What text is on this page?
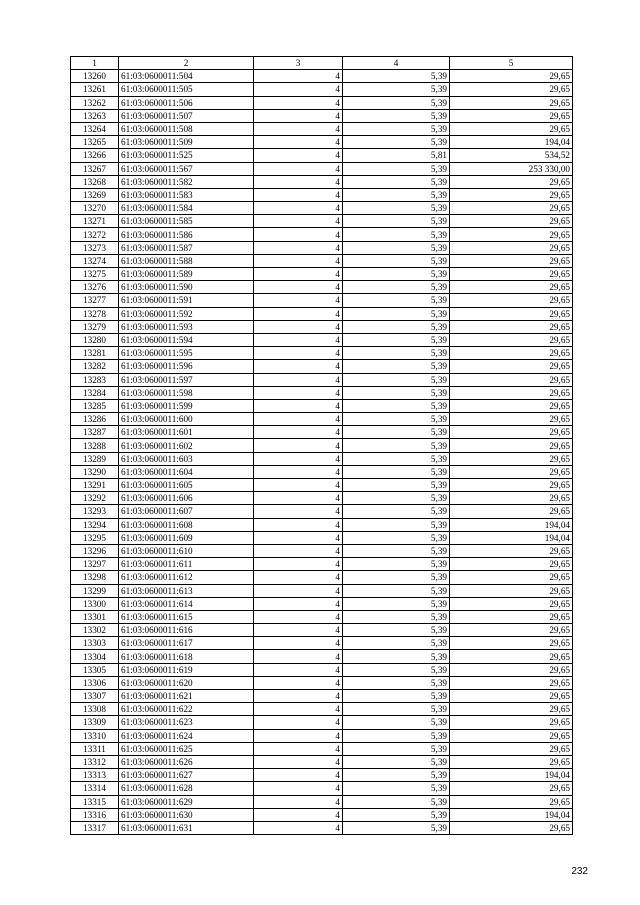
1	2	3	4	5
13260	61:03:0600011:504	4	5,39	29,65
13261	61:03:0600011:505	4	5,39	29,65
13262	61:03:0600011:506	4	5,39	29,65
13263	61:03:0600011:507	4	5,39	29,65
13264	61:03:0600011:508	4	5,39	29,65
13265	61:03:0600011:509	4	5,39	194,04
13266	61:03:0600011:525	4	5,81	534,52
13267	61:03:0600011:567	4	5,39	253 330,00
13268	61:03:0600011:582	4	5,39	29,65
13269	61:03:0600011:583	4	5,39	29,65
13270	61:03:0600011:584	4	5,39	29,65
13271	61:03:0600011:585	4	5,39	29,65
13272	61:03:0600011:586	4	5,39	29,65
13273	61:03:0600011:587	4	5,39	29,65
13274	61:03:0600011:588	4	5,39	29,65
13275	61:03:0600011:589	4	5,39	29,65
13276	61:03:0600011:590	4	5,39	29,65
13277	61:03:0600011:591	4	5,39	29,65
13278	61:03:0600011:592	4	5,39	29,65
13279	61:03:0600011:593	4	5,39	29,65
13280	61:03:0600011:594	4	5,39	29,65
13281	61:03:0600011:595	4	5,39	29,65
13282	61:03:0600011:596	4	5,39	29,65
13283	61:03:0600011:597	4	5,39	29,65
13284	61:03:0600011:598	4	5,39	29,65
13285	61:03:0600011:599	4	5,39	29,65
13286	61:03:0600011:600	4	5,39	29,65
13287	61:03:0600011:601	4	5,39	29,65
13288	61:03:0600011:602	4	5,39	29,65
13289	61:03:0600011:603	4	5,39	29,65
13290	61:03:0600011:604	4	5,39	29,65
13291	61:03:0600011:605	4	5,39	29,65
13292	61:03:0600011:606	4	5,39	29,65
13293	61:03:0600011:607	4	5,39	29,65
13294	61:03:0600011:608	4	5,39	194,04
13295	61:03:0600011:609	4	5,39	194,04
13296	61:03:0600011:610	4	5,39	29,65
13297	61:03:0600011:611	4	5,39	29,65
13298	61:03:0600011:612	4	5,39	29,65
13299	61:03:0600011:613	4	5,39	29,65
13300	61:03:0600011:614	4	5,39	29,65
13301	61:03:0600011:615	4	5,39	29,65
13302	61:03:0600011:616	4	5,39	29,65
13303	61:03:0600011:617	4	5,39	29,65
13304	61:03:0600011:618	4	5,39	29,65
13305	61:03:0600011:619	4	5,39	29,65
13306	61:03:0600011:620	4	5,39	29,65
13307	61:03:0600011:621	4	5,39	29,65
13308	61:03:0600011:622	4	5,39	29,65
13309	61:03:0600011:623	4	5,39	29,65
13310	61:03:0600011:624	4	5,39	29,65
13311	61:03:0600011:625	4	5,39	29,65
13312	61:03:0600011:626	4	5,39	29,65
13313	61:03:0600011:627	4	5,39	194,04
13314	61:03:0600011:628	4	5,39	29,65
13315	61:03:0600011:629	4	5,39	29,65
13316	61:03:0600011:630	4	5,39	194,04
13317	61:03:0600011:631	4	5,39	29,65
232
